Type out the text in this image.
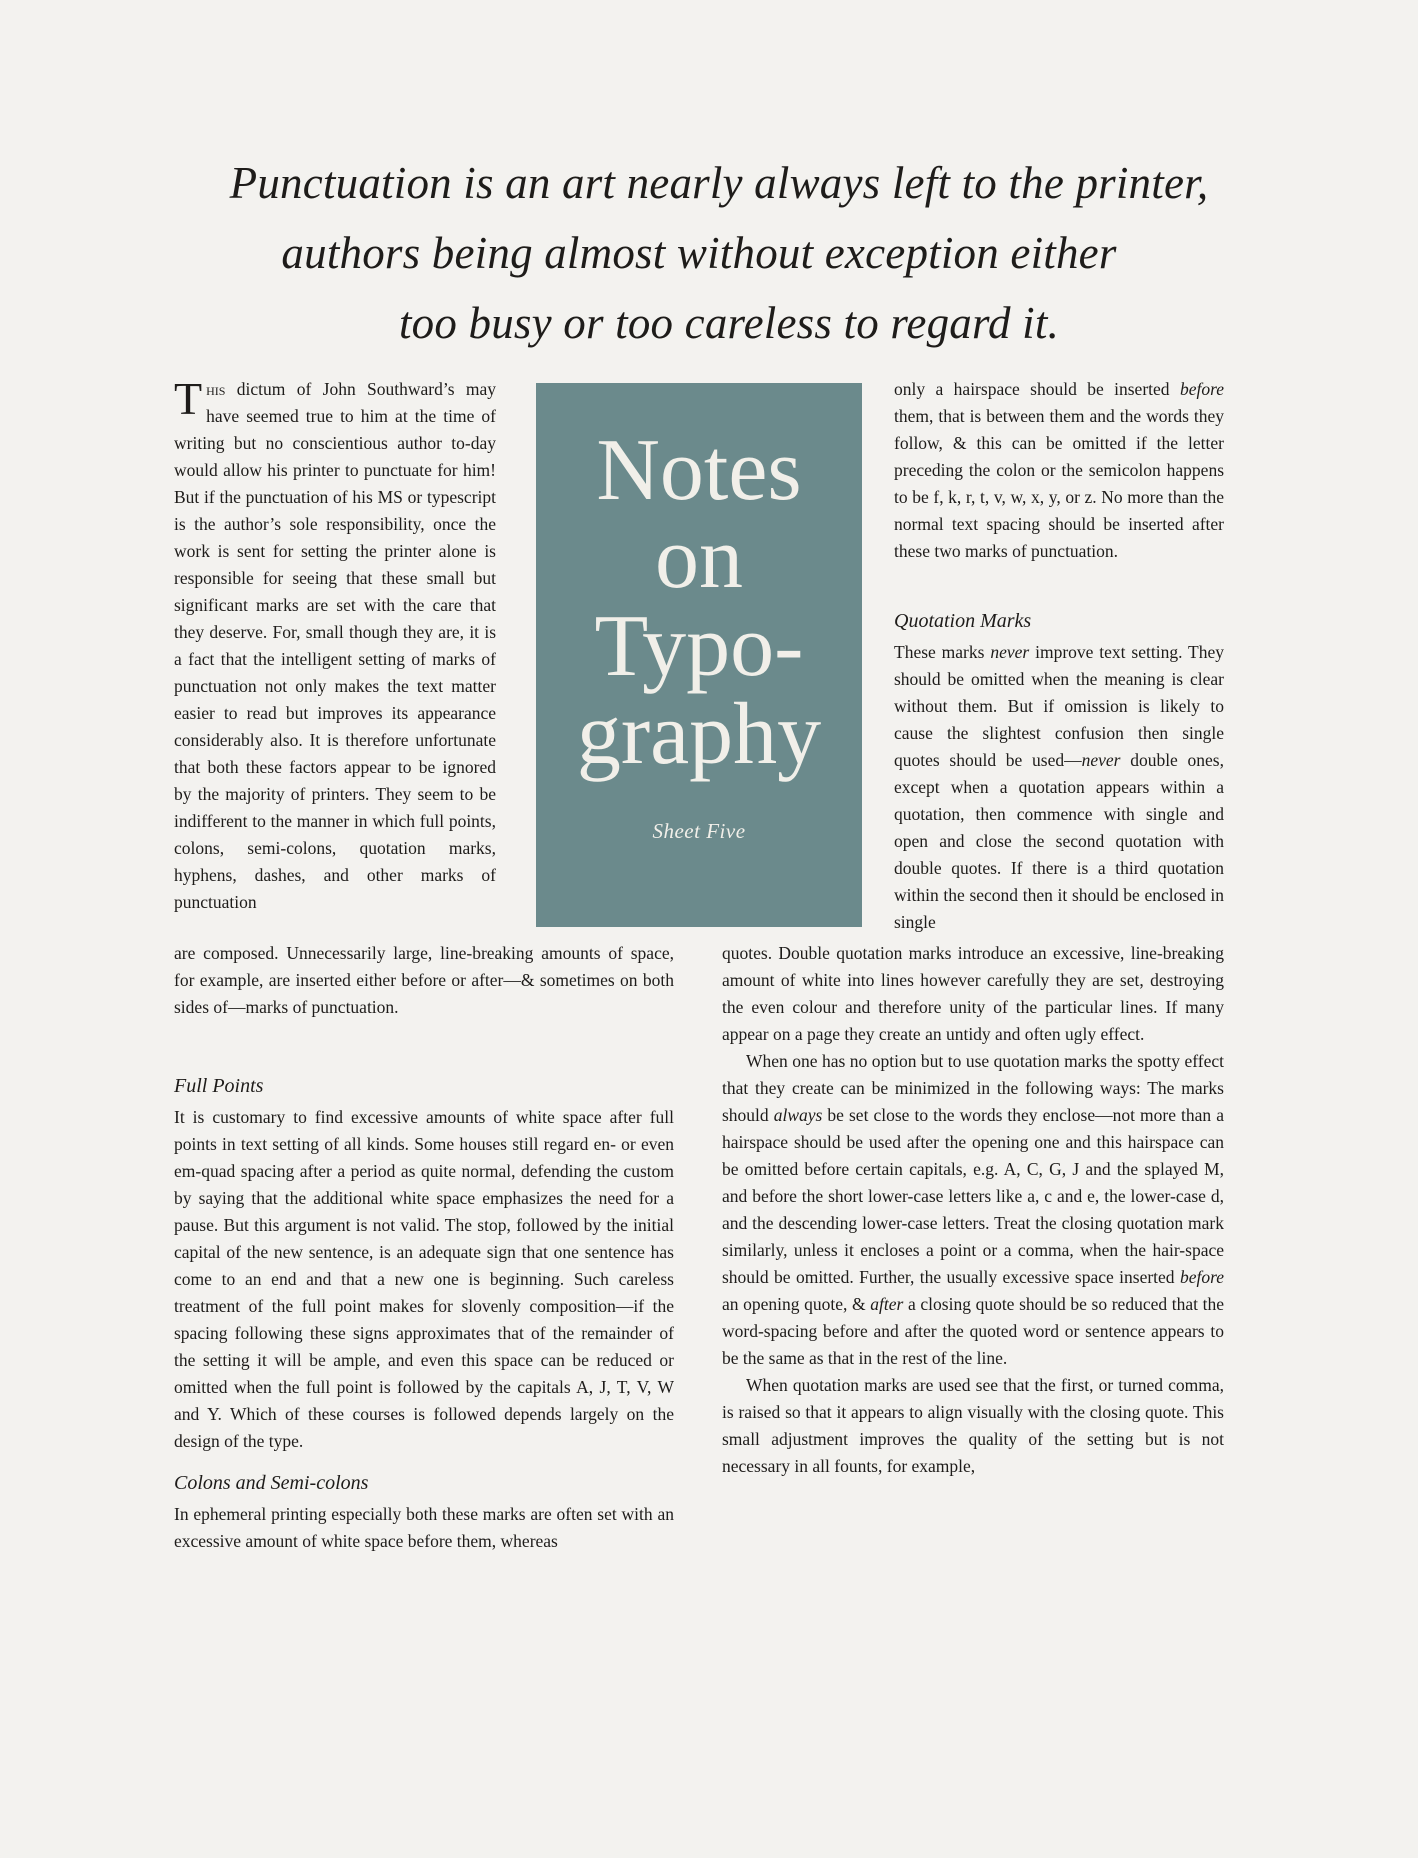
Punctuation is an art nearly always left to the printer,
authors being almost without exception either
too busy or too careless to regard it.

This dictum of John Southward’s may have seemed true to him at the time of writing but no conscientious author to-day would allow his printer to punctuate for him! But if the punctuation of his MS or typescript is the author’s sole responsibility, once the work is sent for setting the printer alone is responsible for seeing that these small but significant marks are set with the care that they deserve. For, small though they are, it is a fact that the intelligent setting of marks of punctuation not only makes the text matter easier to read but improves its appearance considerably also. It is therefore unfortunate that both these factors appear to be ignored by the majority of printers. They seem to be indifferent to the manner in which full points, colons, semi-colons, quotation marks, hyphens, dashes, and other marks of punctuation

Notes
on
Typo-
graphy
Sheet Five

only a hairspace should be inserted before them, that is between them and the words they follow, & this can be omitted if the letter preceding the colon or the semicolon happens to be f, k, r, t, v, w, x, y, or z. No more than the normal text spacing should be inserted after these two marks of punctuation.

Quotation Marks

These marks never improve text setting. They should be omitted when the meaning is clear without them. But if omission is likely to cause the slightest confusion then single quotes should be used—never double ones, except when a quotation appears within a quotation, then commence with single and open and close the second quotation with double quotes. If there is a third quotation within the second then it should be enclosed in single

are composed. Unnecessarily large, line-breaking amounts of space, for example, are inserted either before or after—& sometimes on both sides of—marks of punctuation.

Full Points

It is customary to find excessive amounts of white space after full points in text setting of all kinds. Some houses still regard en- or even em-quad spacing after a period as quite normal, defending the custom by saying that the additional white space emphasizes the need for a pause. But this argument is not valid. The stop, followed by the initial capital of the new sentence, is an adequate sign that one sentence has come to an end and that a new one is beginning. Such careless treatment of the full point makes for slovenly composition—if the spacing following these signs approximates that of the remainder of the setting it will be ample, and even this space can be reduced or omitted when the full point is followed by the capitals A, J, T, V, W and Y. Which of these courses is followed depends largely on the design of the type.

Colons and Semi-colons

In ephemeral printing especially both these marks are often set with an excessive amount of white space before them, whereas

quotes. Double quotation marks introduce an excessive, line-breaking amount of white into lines however carefully they are set, destroying the even colour and therefore unity of the particular lines. If many appear on a page they create an untidy and often ugly effect.

When one has no option but to use quotation marks the spotty effect that they create can be minimized in the following ways: The marks should always be set close to the words they enclose—not more than a hairspace should be used after the opening one and this hairspace can be omitted before certain capitals, e.g. A, C, G, J and the splayed M, and before the short lower-case letters like a, c and e, the lower-case d, and the descending lower-case letters. Treat the closing quotation mark similarly, unless it encloses a point or a comma, when the hair-space should be omitted. Further, the usually excessive space inserted before an opening quote, & after a closing quote should be so reduced that the word-spacing before and after the quoted word or sentence appears to be the same as that in the rest of the line.

When quotation marks are used see that the first, or turned comma, is raised so that it appears to align visually with the closing quote. This small adjustment improves the quality of the setting but is not necessary in all founts, for example,
